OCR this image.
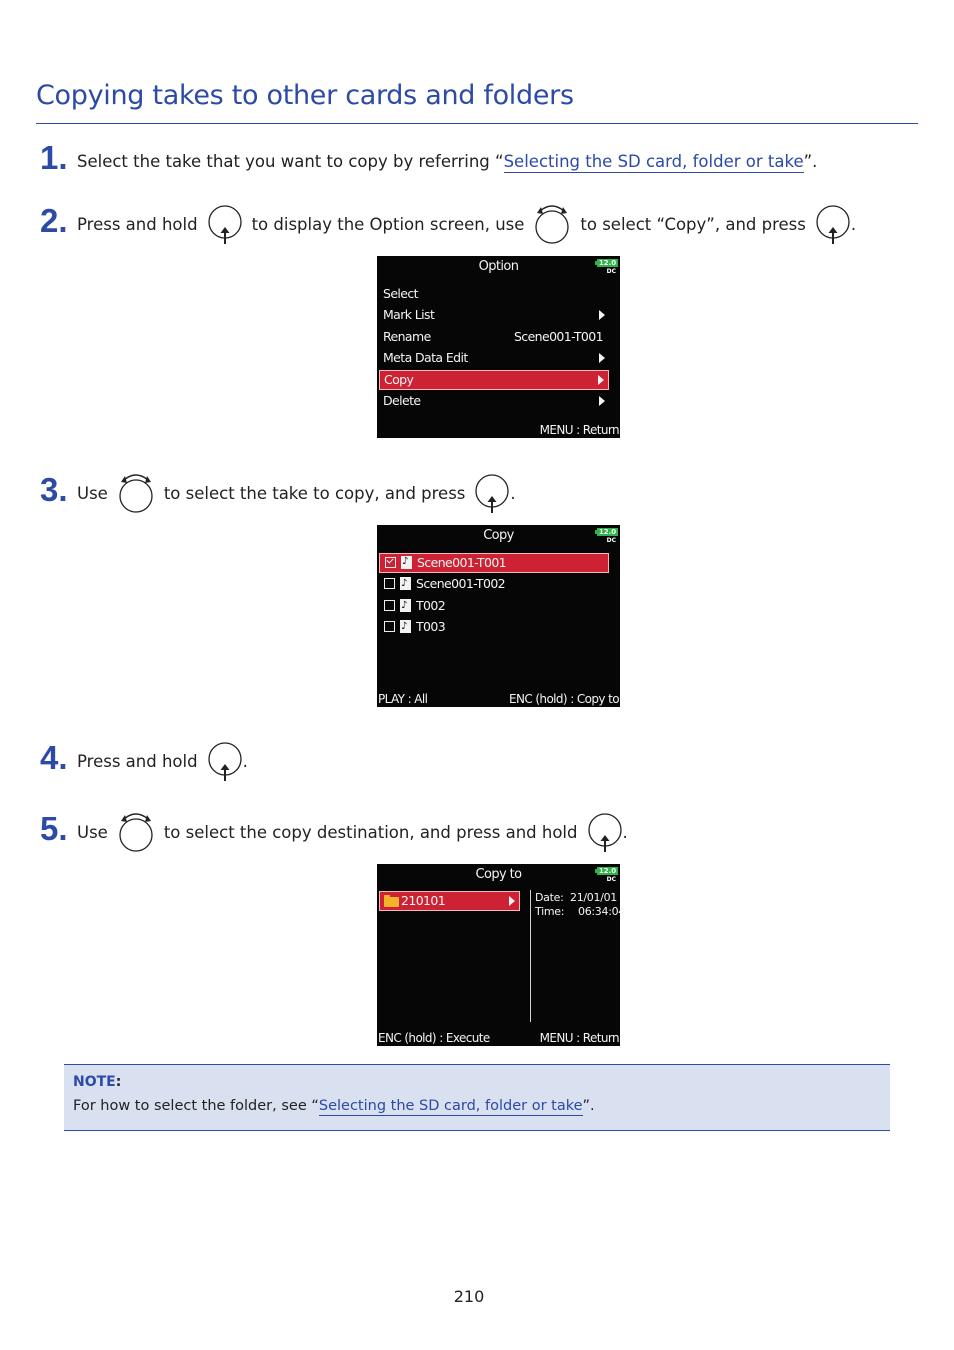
Copying takes to other cards and folders
1. Select the take that you want to copy by referring “Selecting the SD card, folder or take”.
2. Press and hold	to display the Option screen, use	to select “Copy”, and press	.
Option	12.0
DC
Select
Mark List
Rename	Scene001-T001
Meta Data Edit
Copy
Delete
MENU : Return
3. Use	to select the take to copy, and press	.
Copy	12.0
DC
♪
Scene001-T001
♪
Scene001-T002
♪
T002
♪
T003
PLAY : All	ENC (hold) : Copy to
4. Press and hold	.
5. Use	to select the copy destination, and press and hold	.
Copy to	12.0
DC
210101	Date: 21/01/01
Time: 06:34:04
ENC (hold) : Execute	MENU : Return
NOTE:
For how to select the folder, see “Selecting the SD card, folder or take”.
210
